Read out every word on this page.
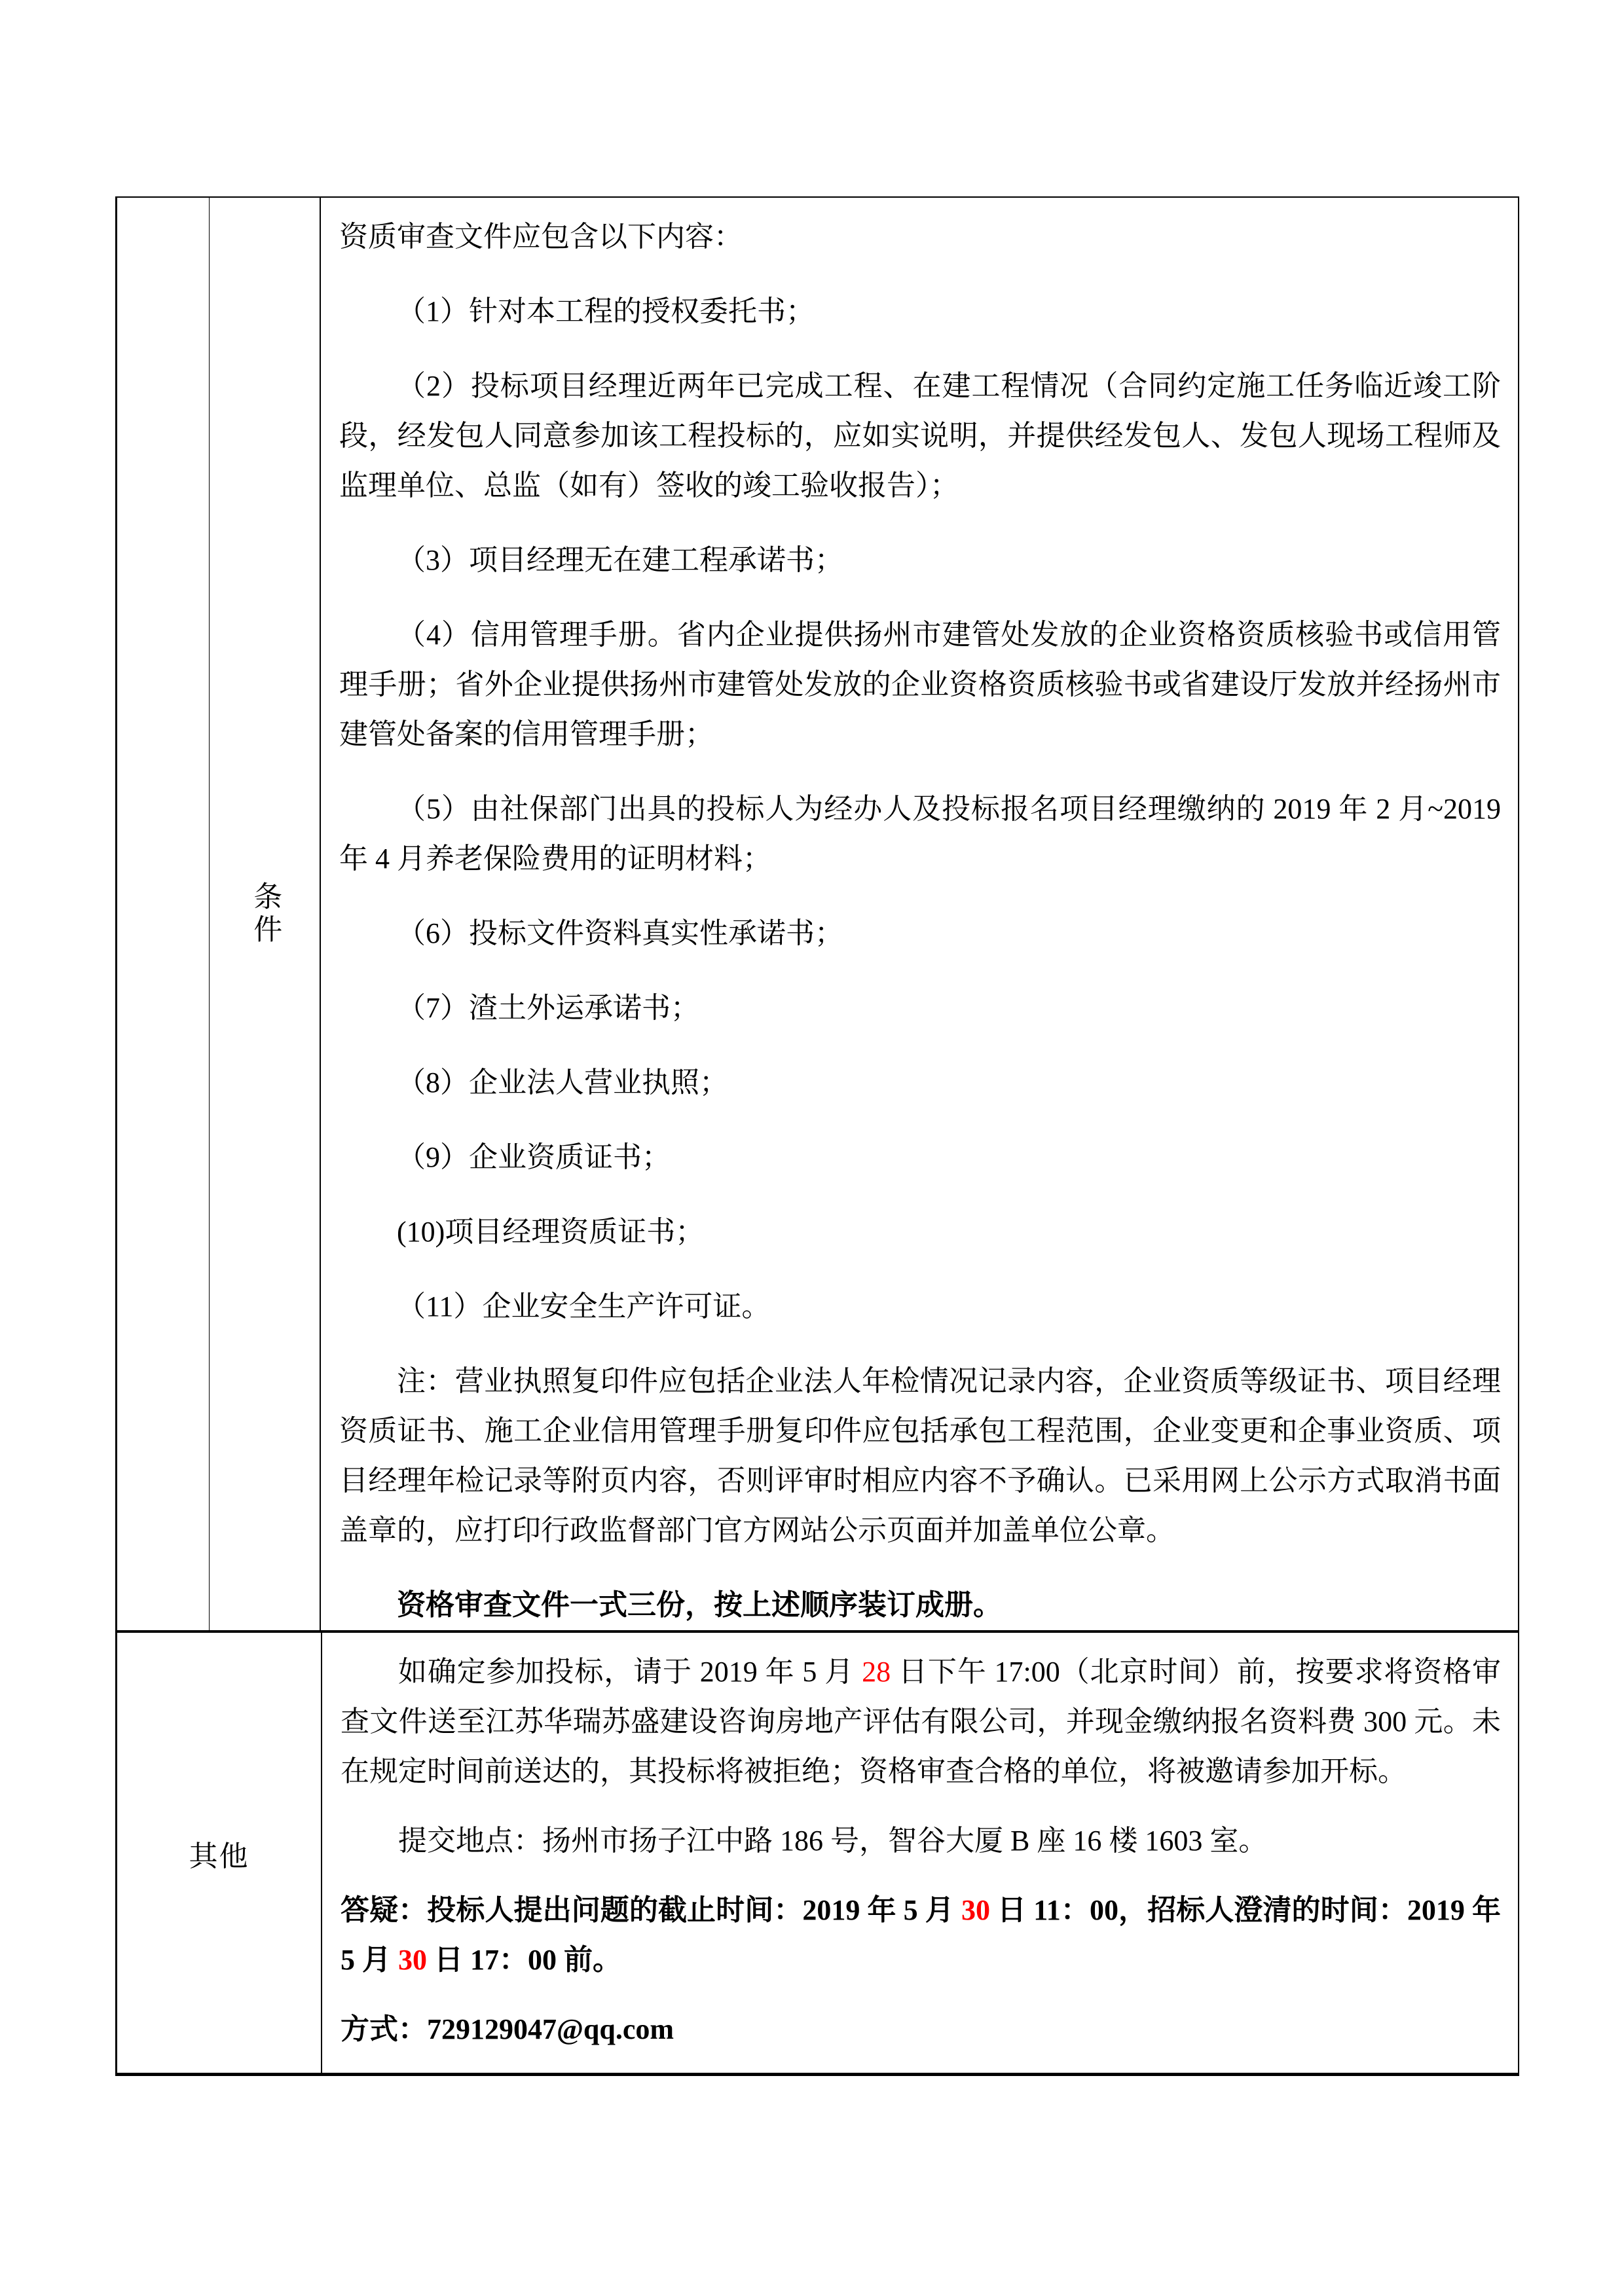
条件

资质审查文件应包含以下内容：

（1）针对本工程的授权委托书；

（2）投标项目经理近两年已完成工程、在建工程情况（合同约定施工任务临近竣工阶段，经发包人同意参加该工程投标的，应如实说明，并提供经发包人、发包人现场工程师及监理单位、总监（如有）签收的竣工验收报告）；

（3）项目经理无在建工程承诺书；

（4）信用管理手册。省内企业提供扬州市建管处发放的企业资格资质核验书或信用管理手册；省外企业提供扬州市建管处发放的企业资格资质核验书或省建设厅发放并经扬州市建管处备案的信用管理手册；

（5）由社保部门出具的投标人为经办人及投标报名项目经理缴纳的 2019 年 2 月~2019 年 4 月养老保险费用的证明材料；

（6）投标文件资料真实性承诺书；

（7）渣土外运承诺书；

（8）企业法人营业执照；

（9）企业资质证书；

(10)项目经理资质证书；

（11）企业安全生产许可证。

注：营业执照复印件应包括企业法人年检情况记录内容，企业资质等级证书、项目经理资质证书、施工企业信用管理手册复印件应包括承包工程范围，企业变更和企事业资质、项目经理年检记录等附页内容，否则评审时相应内容不予确认。已采用网上公示方式取消书面盖章的，应打印行政监督部门官方网站公示页面并加盖单位公章。

资格审查文件一式三份，按上述顺序装订成册。

其他

如确定参加投标，请于 2019 年 5 月 28 日下午 17:00（北京时间）前，按要求将资格审查文件送至江苏华瑞苏盛建设咨询房地产评估有限公司，并现金缴纳报名资料费 300 元。未在规定时间前送达的，其投标将被拒绝；资格审查合格的单位，将被邀请参加开标。

提交地点：扬州市扬子江中路 186 号，智谷大厦 B 座 16 楼 1603 室。

答疑：投标人提出问题的截止时间：2019 年 5 月 30 日 11：00，招标人澄清的时间：2019 年 5 月 30 日 17：00 前。

方式：729129047@qq.com
